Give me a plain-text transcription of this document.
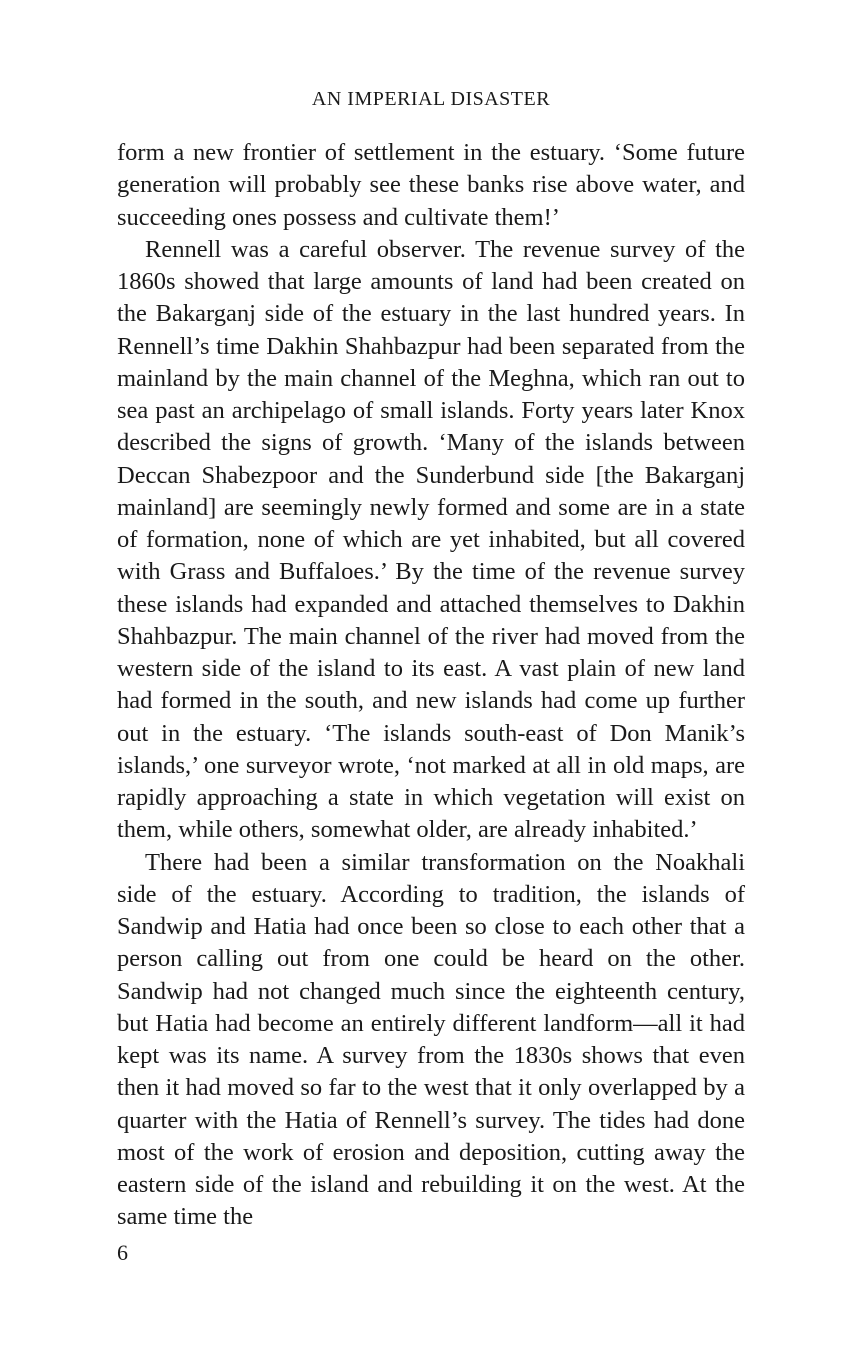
AN IMPERIAL DISASTER

form a new frontier of settlement in the estuary. ‘Some future generation will probably see these banks rise above water, and succeeding ones possess and cultivate them!’

Rennell was a careful observer. The revenue survey of the 1860s showed that large amounts of land had been created on the Bakarganj side of the estuary in the last hundred years. In Rennell’s time Dakhin Shahbazpur had been separated from the mainland by the main channel of the Meghna, which ran out to sea past an archipelago of small islands. Forty years later Knox described the signs of growth. ‘Many of the islands between Deccan Shabezpoor and the Sunderbund side [the Bakarganj mainland] are seemingly newly formed and some are in a state of formation, none of which are yet inhabited, but all covered with Grass and Buffaloes.’ By the time of the revenue survey these islands had expanded and attached themselves to Dakhin Shahbazpur. The main channel of the river had moved from the western side of the island to its east. A vast plain of new land had formed in the south, and new islands had come up further out in the estuary. ‘The islands south-east of Don Manik’s islands,’ one surveyor wrote, ‘not marked at all in old maps, are rapidly approaching a state in which vegetation will exist on them, while others, somewhat older, are already inhabited.’

There had been a similar transformation on the Noakhali side of the estuary. According to tradition, the islands of Sandwip and Hatia had once been so close to each other that a person calling out from one could be heard on the other. Sandwip had not changed much since the eighteenth century, but Hatia had become an entirely different landform—all it had kept was its name. A survey from the 1830s shows that even then it had moved so far to the west that it only overlapped by a quarter with the Hatia of Rennell’s survey. The tides had done most of the work of erosion and deposition, cutting away the eastern side of the island and rebuilding it on the west. At the same time the

6
